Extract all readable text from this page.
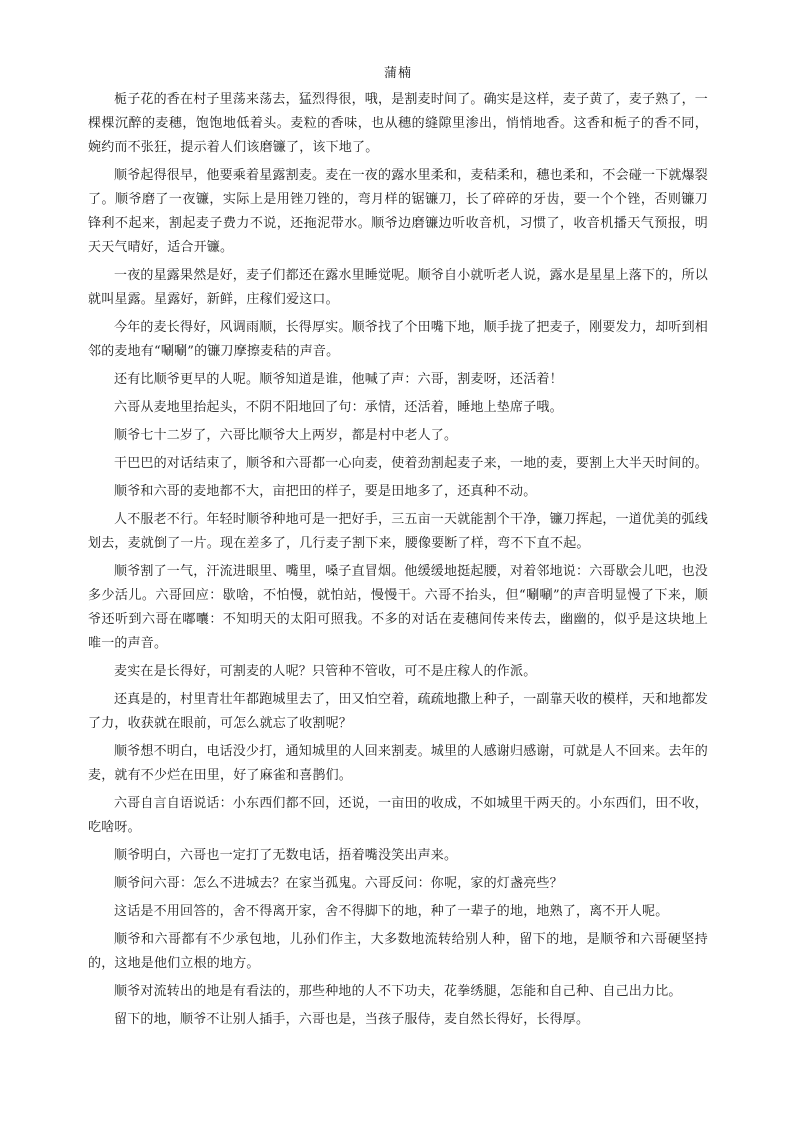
蒲楠

栀子花的香在村子里荡来荡去，猛烈得很，哦，是割麦时间了。确实是这样，麦子黄了，麦子熟了，一棵棵沉醉的麦穗，饱饱地低着头。麦粒的香味，也从穗的缝隙里渗出，悄悄地香。这香和栀子的香不同，婉约而不张狂，提示着人们该磨镰了，该下地了。

顺爷起得很早，他要乘着星露割麦。麦在一夜的露水里柔和，麦秸柔和，穗也柔和，不会碰一下就爆裂了。顺爷磨了一夜镰，实际上是用锉刀锉的，弯月样的锯镰刀，长了碎碎的牙齿，要一个个锉，否则镰刀锋利不起来，割起麦子费力不说，还拖泥带水。顺爷边磨镰边听收音机，习惯了，收音机播天气预报，明天天气晴好，适合开镰。

一夜的星露果然是好，麦子们都还在露水里睡觉呢。顺爷自小就听老人说，露水是星星上落下的，所以就叫星露。星露好，新鲜，庄稼们爱这口。

今年的麦长得好，风调雨顺，长得厚实。顺爷找了个田嘴下地，顺手拢了把麦子，刚要发力，却听到相邻的麦地有“唰唰”的镰刀摩擦麦秸的声音。

还有比顺爷更早的人呢。顺爷知道是谁，他喊了声：六哥，割麦呀，还活着！

六哥从麦地里抬起头，不阴不阳地回了句：承情，还活着，睡地上垫席子哦。

顺爷七十二岁了，六哥比顺爷大上两岁，都是村中老人了。

干巴巴的对话结束了，顺爷和六哥都一心向麦，使着劲割起麦子来，一地的麦，要割上大半天时间的。

顺爷和六哥的麦地都不大，亩把田的样子，要是田地多了，还真种不动。

人不服老不行。年轻时顺爷种地可是一把好手，三五亩一天就能割个干净，镰刀挥起，一道优美的弧线划去，麦就倒了一片。现在差多了，几行麦子割下来，腰像要断了样，弯不下直不起。

顺爷割了一气，汗流进眼里、嘴里，嗓子直冒烟。他缓缓地挺起腰，对着邻地说：六哥歇会儿吧，也没多少活儿。六哥回应：歇啥，不怕慢，就怕站，慢慢干。六哥不抬头，但“唰唰”的声音明显慢了下来，顺爷还听到六哥在嘟囔：不知明天的太阳可照我。不多的对话在麦穗间传来传去，幽幽的，似乎是这块地上唯一的声音。

麦实在是长得好，可割麦的人呢？只管种不管收，可不是庄稼人的作派。

还真是的，村里青壮年都跑城里去了，田又怕空着，疏疏地撒上种子，一副靠天收的模样，天和地都发了力，收获就在眼前，可怎么就忘了收割呢？

顺爷想不明白，电话没少打，通知城里的人回来割麦。城里的人感谢归感谢，可就是人不回来。去年的麦，就有不少烂在田里，好了麻雀和喜鹊们。

六哥自言自语说话：小东西们都不回，还说，一亩田的收成，不如城里干两天的。小东西们，田不收，吃啥呀。

顺爷明白，六哥也一定打了无数电话，捂着嘴没笑出声来。

顺爷问六哥：怎么不进城去？在家当孤鬼。六哥反问：你呢，家的灯盏亮些？

这话是不用回答的，舍不得离开家，舍不得脚下的地，种了一辈子的地，地熟了，离不开人呢。

顺爷和六哥都有不少承包地，儿孙们作主，大多数地流转给别人种，留下的地，是顺爷和六哥硬坚持的，这地是他们立根的地方。

顺爷对流转出的地是有看法的，那些种地的人不下功夫，花拳绣腿，怎能和自己种、自己出力比。

留下的地，顺爷不让别人插手，六哥也是，当孩子服侍，麦自然长得好，长得厚。
